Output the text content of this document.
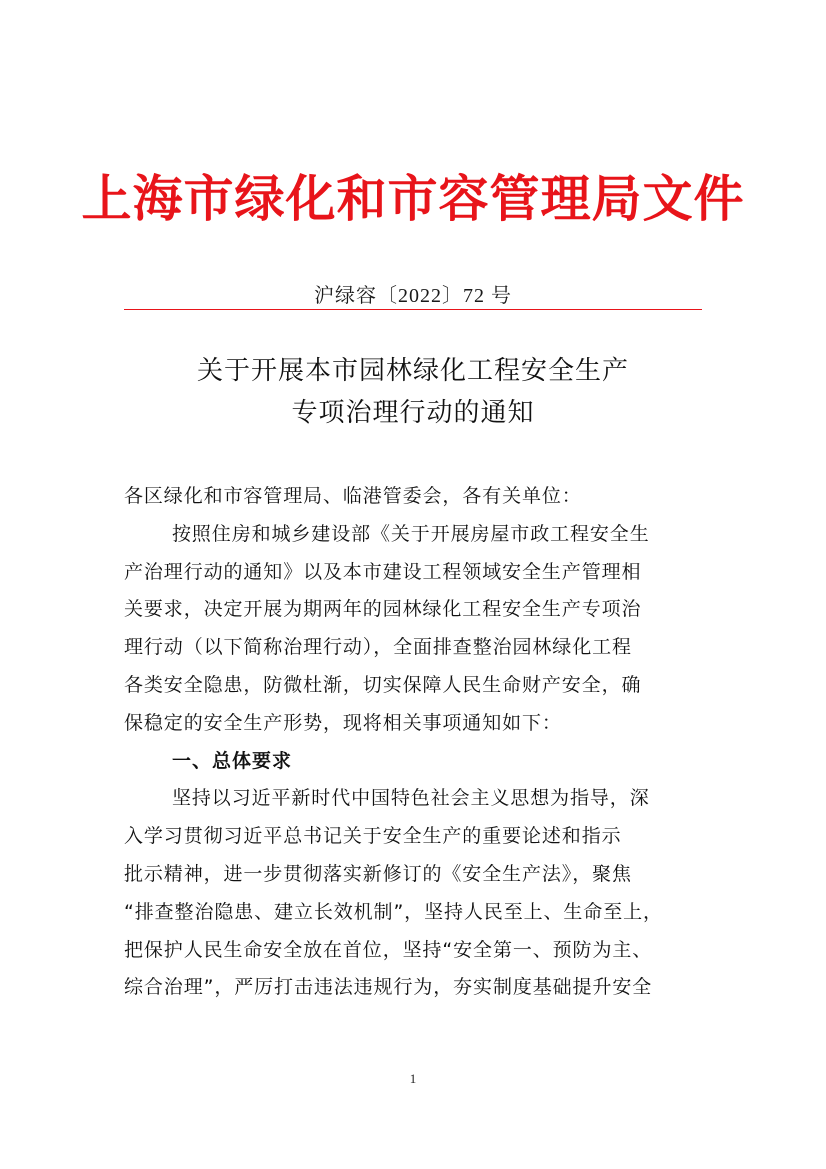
上海市绿化和市容管理局文件
沪绿容〔2022〕72 号
关于开展本市园林绿化工程安全生产
专项治理行动的通知
各区绿化和市容管理局、临港管委会，各有关单位：
按照住房和城乡建设部《关于开展房屋市政工程安全生
产治理行动的通知》以及本市建设工程领域安全生产管理相
关要求，决定开展为期两年的园林绿化工程安全生产专项治
理行动（以下简称治理行动），全面排查整治园林绿化工程
各类安全隐患，防微杜渐，切实保障人民生命财产安全，确
保稳定的安全生产形势，现将相关事项通知如下：
一、总体要求
坚持以习近平新时代中国特色社会主义思想为指导，深
入学习贯彻习近平总书记关于安全生产的重要论述和指示
批示精神，进一步贯彻落实新修订的《安全生产法》，聚焦
“排查整治隐患、建立长效机制”，坚持人民至上、生命至上，
把保护人民生命安全放在首位，坚持“安全第一、预防为主、
综合治理”，严厉打击违法违规行为，夯实制度基础提升安全
1
